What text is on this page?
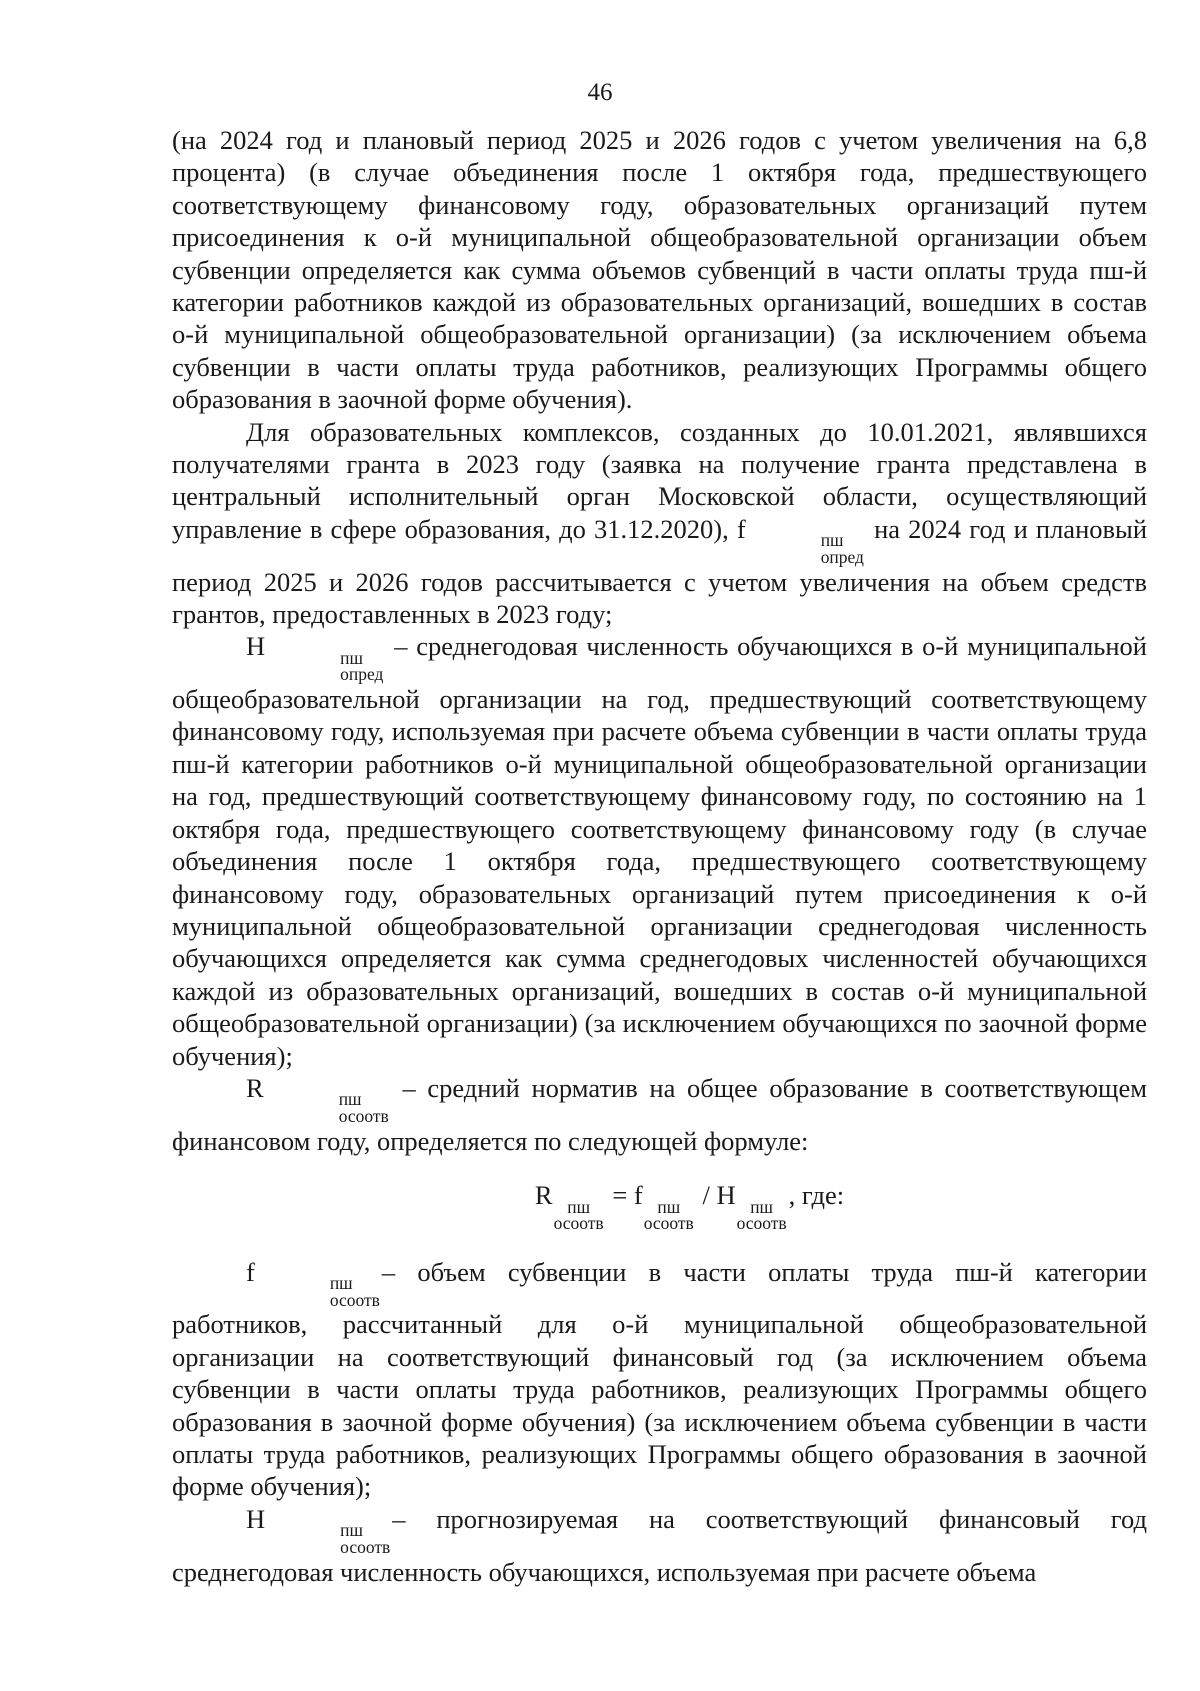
46

(на 2024 год и плановый период 2025 и 2026 годов с учетом увеличения на 6,8 процента) (в случае объединения после 1 октября года, предшествующего соответствующему финансовому году, образовательных организаций путем присоединения к о-й муниципальной общеобразовательной организации объем субвенции определяется как сумма объемов субвенций в части оплаты труда пш-й категории работников каждой из образовательных организаций, вошедших в состав о-й муниципальной общеобразовательной организации) (за исключением объема субвенции в части оплаты труда работников, реализующих Программы общего образования в заочной форме обучения).

Для образовательных комплексов, созданных до 10.01.2021, являвшихся получателями гранта в 2023 году (заявка на получение гранта представлена в центральный исполнительный орган Московской области, осуществляющий управление в сфере образования, до 31.12.2020), f	пш
опред
на 2024 год и плановый период 2025 и 2026 годов рассчитывается с учетом увеличения на объем средств грантов, предоставленных в 2023 году;

H	пш
опред
– среднегодовая численность обучающихся в о-й муниципальной общеобразовательной организации на год, предшествующий соответствующему финансовому году, используемая при расчете объема субвенции в части оплаты труда пш-й категории работников о-й муниципальной общеобразовательной организации на год, предшествующий соответствующему финансовому году, по состоянию на 1 октября года, предшествующего соответствующему финансовому году (в случае объединения после 1 октября года, предшествующего соответствующему финансовому году, образовательных организаций путем присоединения к о-й муниципальной общеобразовательной организации среднегодовая численность обучающихся определяется как сумма среднегодовых численностей обучающихся каждой из образовательных организаций, вошедших в состав о-й муниципальной общеобразовательной организации) (за исключением обучающихся по заочной форме обучения);

R	пш
осоотв
– средний норматив на общее образование в соответствующем финансовом году, определяется по следующей формуле:

R пш
осоотв
= f пш
осоотв
/ H пш
осоотв
, где:

f	пш
осоотв
– объем субвенции в части оплаты труда пш-й категории работников, рассчитанный для о-й муниципальной общеобразовательной организации на соответствующий финансовый год (за исключением объема субвенции в части оплаты труда работников, реализующих Программы общего образования в заочной форме обучения) (за исключением объема субвенции в части оплаты труда работников, реализующих Программы общего образования в заочной форме обучения);

H	пш
осоотв
– прогнозируемая на соответствующий финансовый год среднегодовая численность обучающихся, используемая при расчете объема
